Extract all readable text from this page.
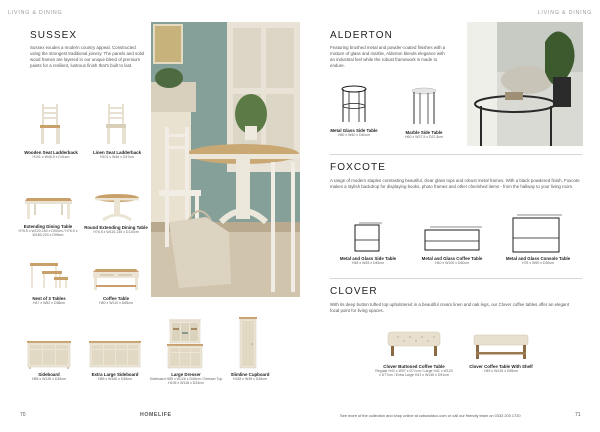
LIVING & DINING
SUSSEX

Sussex exudes a modern country appeal. Constructed using the strongest traditional joinery. The panels and solid wood frames are layered in our unique blend of premium paints for a resilient, lustrous finish that's built to last.

Wooden Seat Ladderback
H101 x W46.5 x D41cm
Linen Seat Ladderback
H101 x W46 x D47cm
Extending Dining Table
H76.5 x W120-160 x D90cm / H76.5 x W180-220 x D95cm
Round Extending Dining Table
H76.5 x W110-145 x D110cm
Nest of 3 Tables
H47 x W52 x D38cm
Coffee Table
H50 x W110 x D65cm
Sideboard
H85 x W126 x D45cm
Extra Large Sideboard
H85 x W160 x D45cm
Large Dresser
Sideboard H85 x W126 x D45cm / Dresser Top H105 x W118 x D33cm
Slimline Cupboard
H183 x W45 x D45cm
LIVING & DINING
ALDERTON

Featuring brushed metal and powder-coated finishes with a mixture of glass and marble, Alderton blends elegance with an industrial feel while the robust framework is made to endure.

Metal Glass Side Table
H60 x W40 x D40cm
Marble Side Table
H60 x W37.5 x D37.5cm
FOXCOTE

A range of modern staples contrasting beautiful, clear glass tops and robust metal frames. With a black powdered finish, Foxcote makes a stylish backdrop for displaying books, photo frames and other cherished items - from the hallway to your living room.

Metal and Glass Side Table
H45 x W45 x D45cm
Metal and Glass Coffee Table
H40 x W100 x D60cm
Metal and Glass Console Table
H75 x W90 x D30cm
CLOVER

With its deep button tufted top upholstered in a beautiful cream linen and oak legs, our Clover coffee tables offer an elegant focal point for living spaces.

Clover Buttoned Coffee Table
Regular H41 x W97 x D71cm / Large H41 x W120 x D77cm / Extra Large H41 x W145 x D91cm
Clover Coffee Table With Shelf
H45 x W125 x D55cm
70	HOMELIFE	See more of the collection and shop online at cotswoldco.com or call our friendly team on 0333 200 1720	71
